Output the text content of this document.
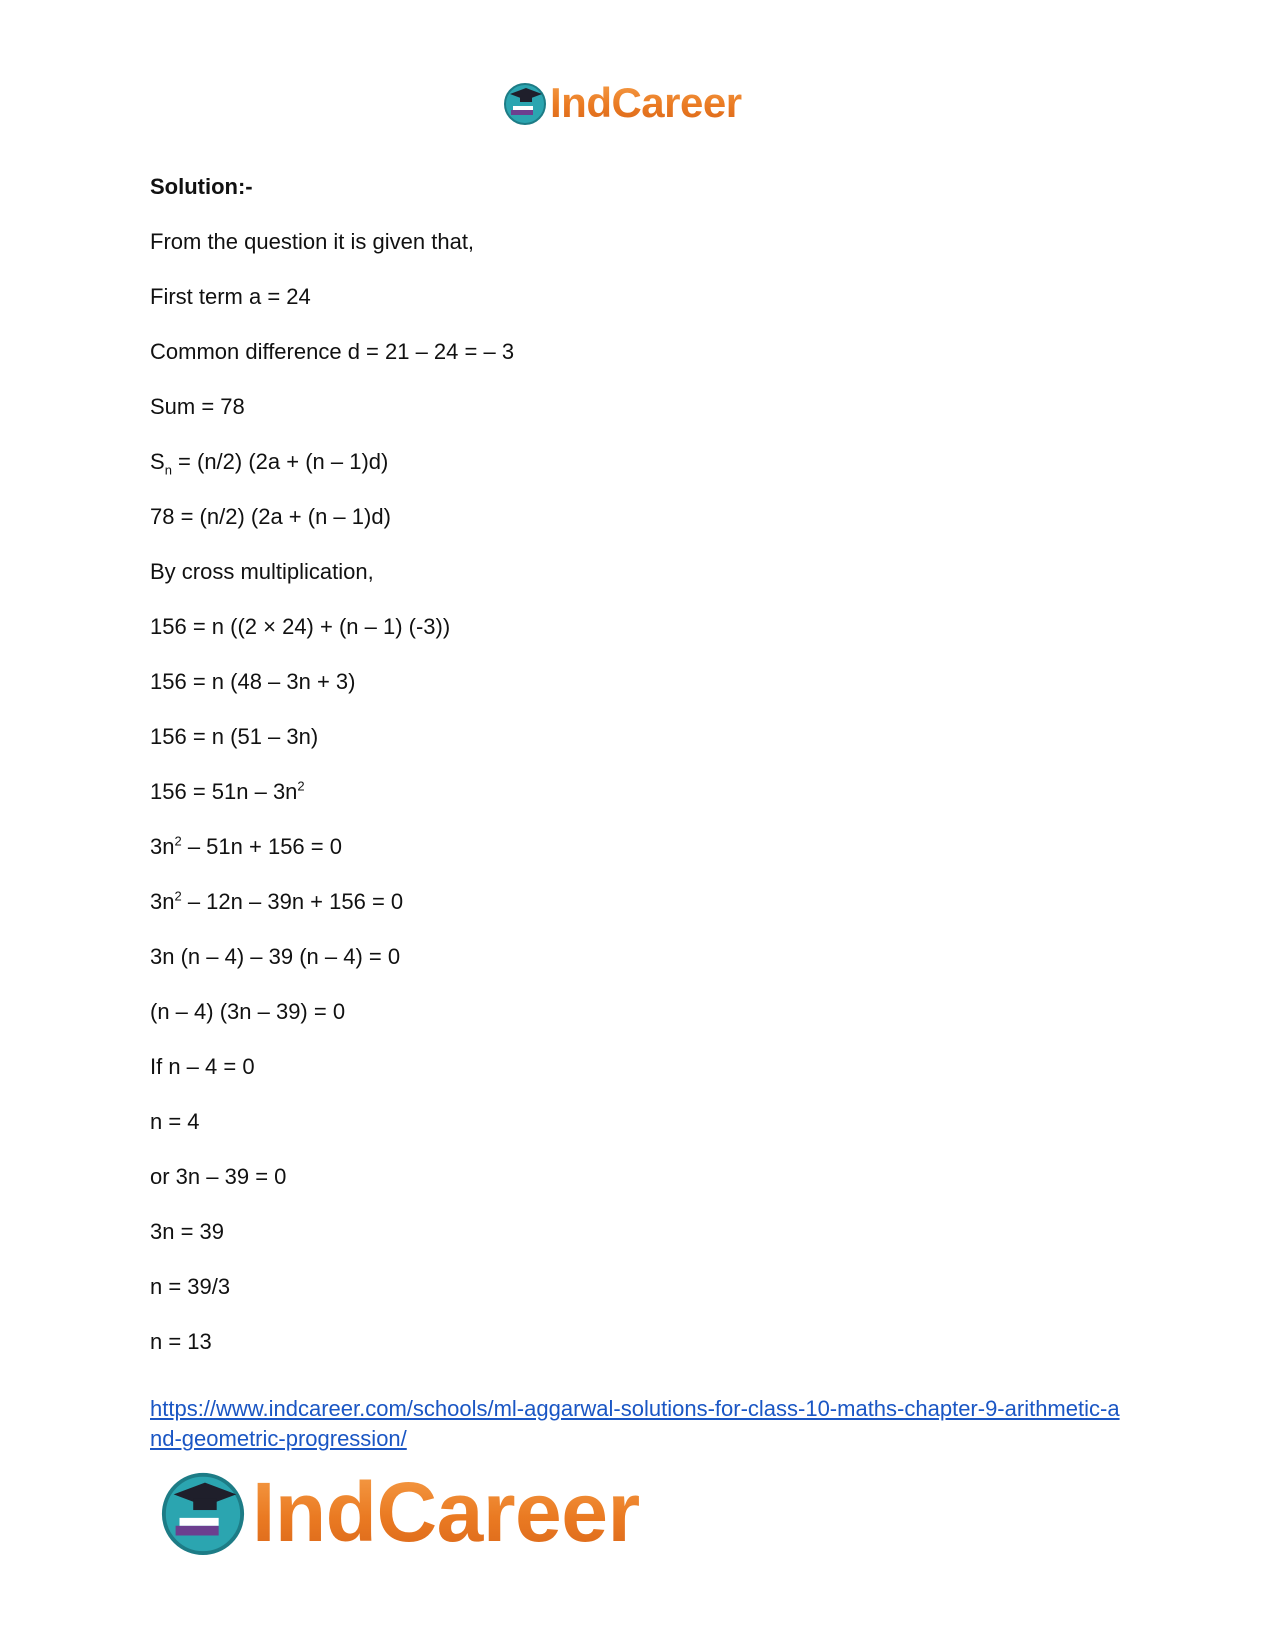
IndCareer
Solution:-
From the question it is given that,
First term a = 24
Common difference d = 21 – 24 = – 3
Sum = 78
$S_n = (n/2) (2a + (n - 1)d)$
78 = (n/2) (2a + (n – 1)d)
By cross multiplication,
156 = n ((2 × 24) + (n – 1) (-3))
156 = n (48 – 3n + 3)
156 = n (51 – 3n)
$156 = 51n - 3n^2$
$3n^2 - 51n + 156 = 0$
$3n^2 - 12n - 39n + 156 = 0$
3n (n – 4) – 39 (n – 4) = 0
(n – 4) (3n – 39) = 0
If n – 4 = 0
n = 4
or 3n – 39 = 0
3n = 39
n = 39/3
n = 13
https://www.indcareer.com/schools/ml-aggarwal-solutions-for-class-10-maths-chapter-9-arithmetic-and-geometric-progression/
IndCareer
